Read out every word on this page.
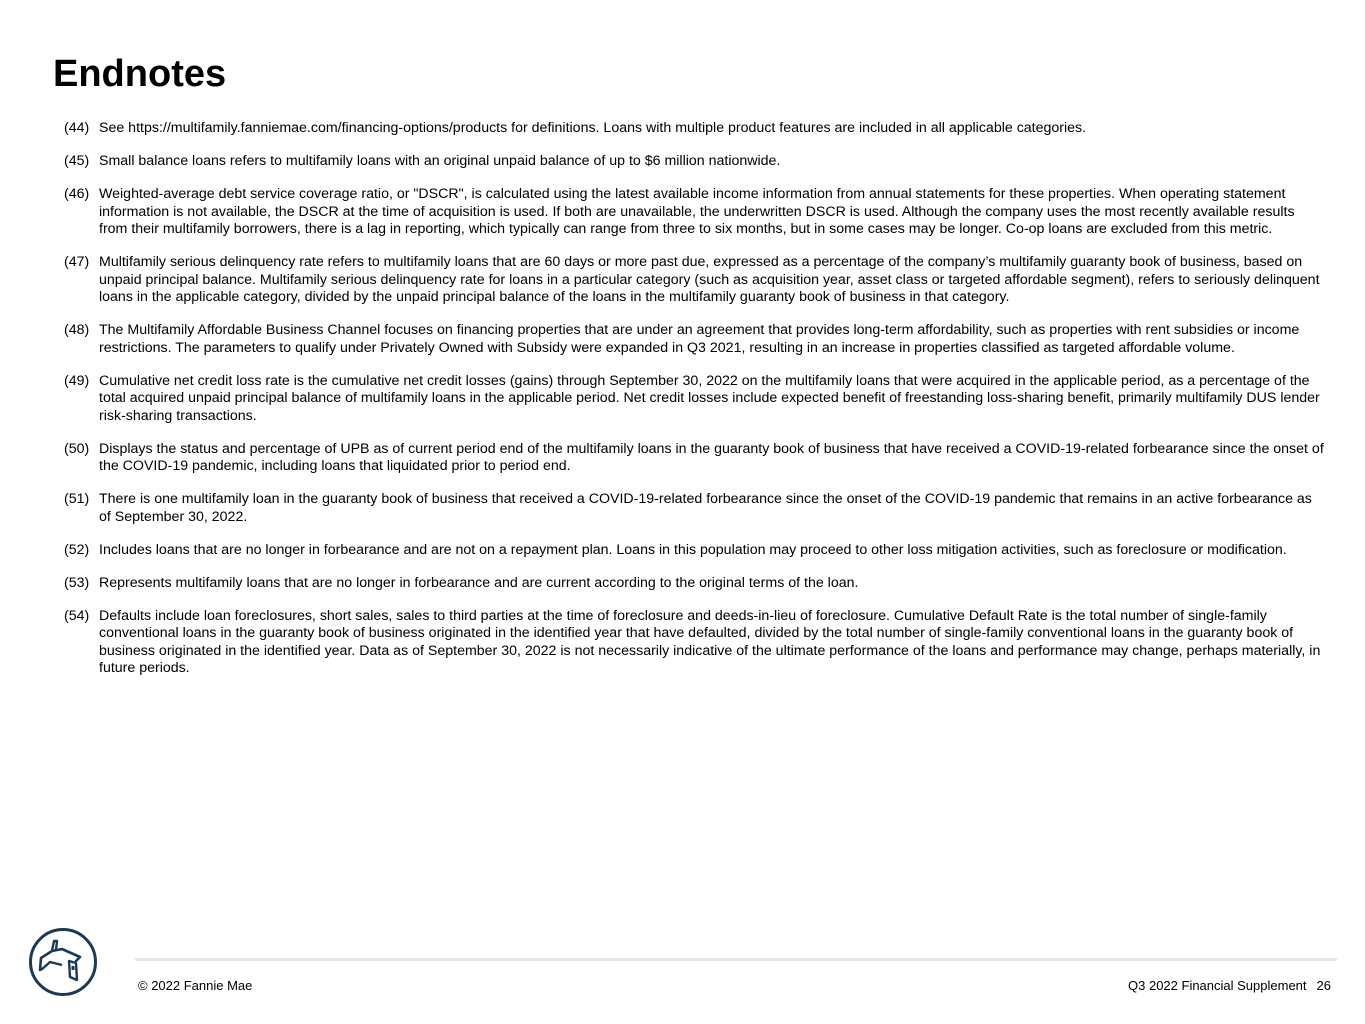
Endnotes
(44) See https://multifamily.fanniemae.com/financing-options/products for definitions. Loans with multiple product features are included in all applicable categories.
(45) Small balance loans refers to multifamily loans with an original unpaid balance of up to $6 million nationwide.
(46) Weighted-average debt service coverage ratio, or "DSCR", is calculated using the latest available income information from annual statements for these properties. When operating statement information is not available, the DSCR at the time of acquisition is used. If both are unavailable, the underwritten DSCR is used. Although the company uses the most recently available results from their multifamily borrowers, there is a lag in reporting, which typically can range from three to six months, but in some cases may be longer. Co-op loans are excluded from this metric.
(47) Multifamily serious delinquency rate refers to multifamily loans that are 60 days or more past due, expressed as a percentage of the company’s multifamily guaranty book of business, based on unpaid principal balance. Multifamily serious delinquency rate for loans in a particular category (such as acquisition year, asset class or targeted affordable segment), refers to seriously delinquent loans in the applicable category, divided by the unpaid principal balance of the loans in the multifamily guaranty book of business in that category.
(48) The Multifamily Affordable Business Channel focuses on financing properties that are under an agreement that provides long-term affordability, such as properties with rent subsidies or income restrictions. The parameters to qualify under Privately Owned with Subsidy were expanded in Q3 2021, resulting in an increase in properties classified as targeted affordable volume.
(49) Cumulative net credit loss rate is the cumulative net credit losses (gains) through September 30, 2022 on the multifamily loans that were acquired in the applicable period, as a percentage of the total acquired unpaid principal balance of multifamily loans in the applicable period. Net credit losses include expected benefit of freestanding loss-sharing benefit, primarily multifamily DUS lender risk-sharing transactions.
(50) Displays the status and percentage of UPB as of current period end of the multifamily loans in the guaranty book of business that have received a COVID-19-related forbearance since the onset of the COVID-19 pandemic, including loans that liquidated prior to period end.
(51) There is one multifamily loan in the guaranty book of business that received a COVID-19-related forbearance since the onset of the COVID-19 pandemic that remains in an active forbearance as of September 30, 2022.
(52) Includes loans that are no longer in forbearance and are not on a repayment plan. Loans in this population may proceed to other loss mitigation activities, such as foreclosure or modification.
(53) Represents multifamily loans that are no longer in forbearance and are current according to the original terms of the loan.
(54) Defaults include loan foreclosures, short sales, sales to third parties at the time of foreclosure and deeds-in-lieu of foreclosure. Cumulative Default Rate is the total number of single-family conventional loans in the guaranty book of business originated in the identified year that have defaulted, divided by the total number of single-family conventional loans in the guaranty book of business originated in the identified year. Data as of September 30, 2022 is not necessarily indicative of the ultimate performance of the loans and performance may change, perhaps materially, in future periods.
© 2022 Fannie Mae	Q3 2022 Financial Supplement 26
